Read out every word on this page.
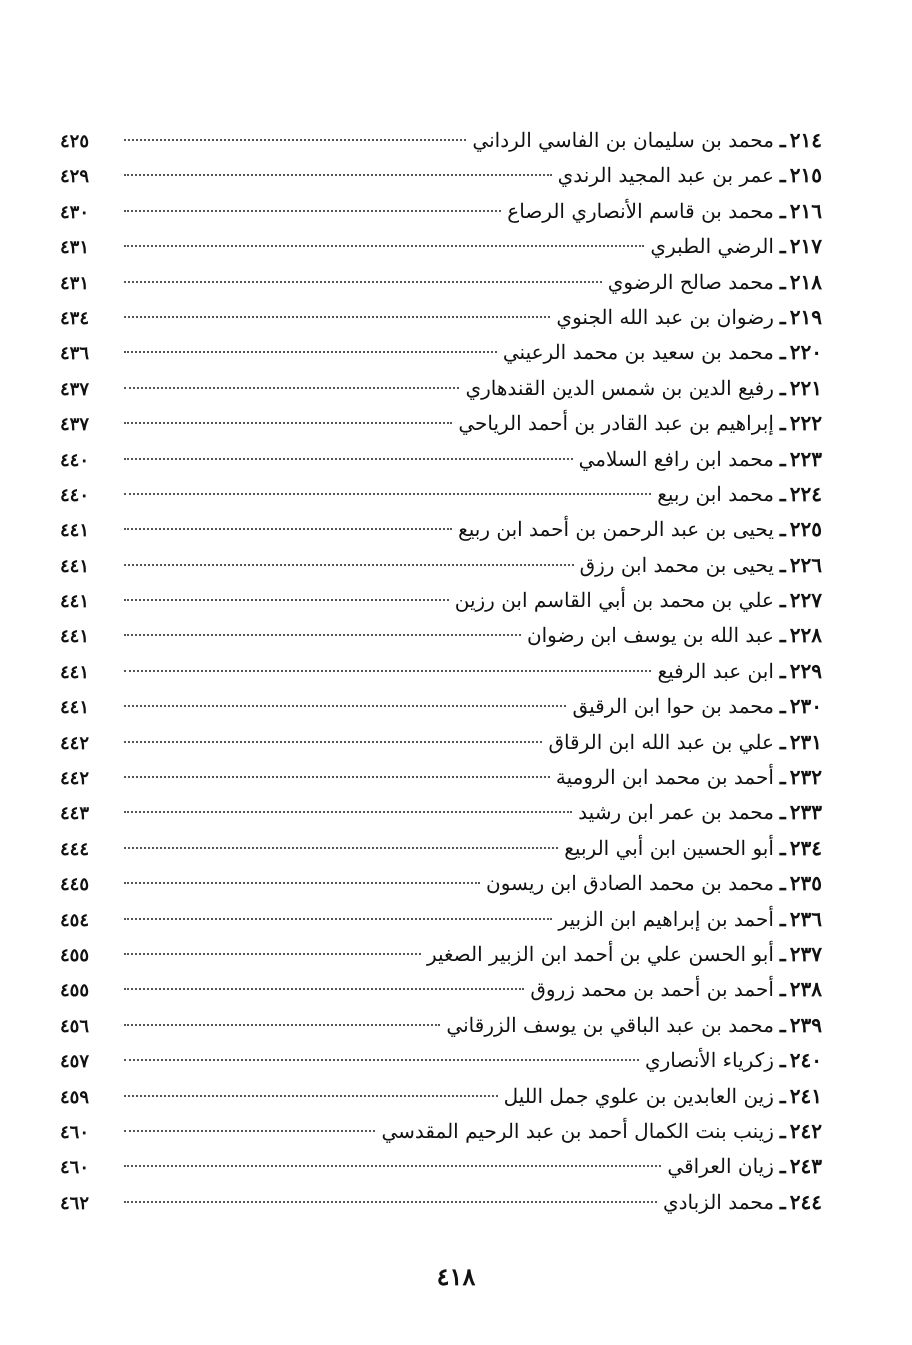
٢١٤
ـ
محمد بن سليمان بن الفاسي الرداني
٤٢٥
٢١٥
ـ
عمر بن عبد المجيد الرندي
٤٢٩
٢١٦
ـ
محمد بن قاسم الأنصاري الرصاع
٤٣٠
٢١٧
ـ
الرضي الطبري
٤٣١
٢١٨
ـ
محمد صالح الرضوي
٤٣١
٢١٩
ـ
رضوان بن عبد الله الجنوي
٤٣٤
٢٢٠
ـ
محمد بن سعيد بن محمد الرعيني
٤٣٦
٢٢١
ـ
رفيع الدين بن شمس الدين القندهاري
٤٣٧
٢٢٢
ـ
إبراهيم بن عبد القادر بن أحمد الرياحي
٤٣٧
٢٢٣
ـ
محمد ابن رافع السلامي
٤٤٠
٢٢٤
ـ
محمد ابن ربيع
٤٤٠
٢٢٥
ـ
يحيى بن عبد الرحمن بن أحمد ابن ربيع
٤٤١
٢٢٦
ـ
يحيى بن محمد ابن رزق
٤٤١
٢٢٧
ـ
علي بن محمد بن أبي القاسم ابن رزين
٤٤١
٢٢٨
ـ
عبد الله بن يوسف ابن رضوان
٤٤١
٢٢٩
ـ
ابن عبد الرفيع
٤٤١
٢٣٠
ـ
محمد بن حوا ابن الرقيق
٤٤١
٢٣١
ـ
علي بن عبد الله ابن الرقاق
٤٤٢
٢٣٢
ـ
أحمد بن محمد ابن الرومية
٤٤٢
٢٣٣
ـ
محمد بن عمر ابن رشيد
٤٤٣
٢٣٤
ـ
أبو الحسين ابن أبي الربيع
٤٤٤
٢٣٥
ـ
محمد بن محمد الصادق ابن ريسون
٤٤٥
٢٣٦
ـ
أحمد بن إبراهيم ابن الزبير
٤٥٤
٢٣٧
ـ
أبو الحسن علي بن أحمد ابن الزبير الصغير
٤٥٥
٢٣٨
ـ
أحمد بن أحمد بن محمد زروق
٤٥٥
٢٣٩
ـ
محمد بن عبد الباقي بن يوسف الزرقاني
٤٥٦
٢٤٠
ـ
زكرياء الأنصاري
٤٥٧
٢٤١
ـ
زين العابدين بن علوي جمل الليل
٤٥٩
٢٤٢
ـ
زينب بنت الكمال أحمد بن عبد الرحيم المقدسي
٤٦٠
٢٤٣
ـ
زيان العراقي
٤٦٠
٢٤٤
ـ
محمد الزبادي
٤٦٢
٤١٨
